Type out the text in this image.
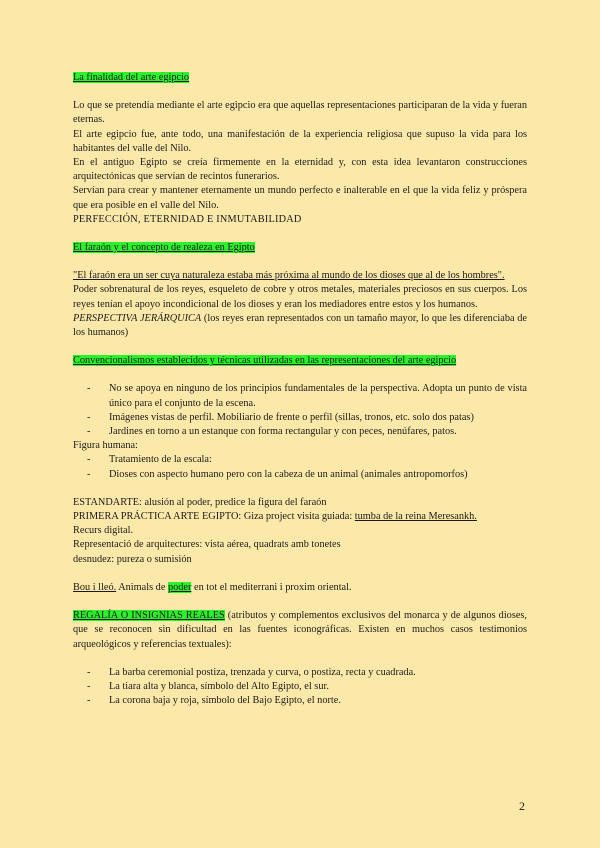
La finalidad del arte egipcio

Lo que se pretendía mediante el arte egipcio era que aquellas representaciones participaran de la vida y fueran eternas.

El arte egipcio fue, ante todo, una manifestación de la experiencia religiosa que supuso la vida para los habitantes del valle del Nilo.

En el antiguo Egipto se creía firmemente en la eternidad y, con esta idea levantaron construcciones arquitectónicas que servían de recintos funerarios.

Servían para crear y mantener eternamente un mundo perfecto e inalterable en el que la vida feliz y próspera que era posible en el valle del Nilo.

PERFECCIÓN, ETERNIDAD E INMUTABILIDAD

El faraón y el concepto de realeza en Egipto

"El faraón era un ser cuya naturaleza estaba más próxima al mundo de los dioses que al de los hombres".

Poder sobrenatural de los reyes, esqueleto de cobre y otros metales, materiales preciosos en sus cuerpos. Los reyes tenían el apoyo incondicional de los dioses y eran los mediadores entre estos y los humanos.

PERSPECTIVA JERÁRQUICA (los reyes eran representados con un tamaño mayor, lo que les diferenciaba de los humanos)

Convencionalismos establecidos y técnicas utilizadas en las representaciones del arte egipcio

- No se apoya en ninguno de los principios fundamentales de la perspectiva. Adopta un punto de vista único para el conjunto de la escena.
- Imágenes vistas de perfil. Mobiliario de frente o perfil (sillas, tronos, etc. solo dos patas)
- Jardines en torno a un estanque con forma rectangular y con peces, nenúfares, patos.

Figura humana:

- Tratamiento de la escala:
- Dioses con aspecto humano pero con la cabeza de un animal (animales antropomorfos)

ESTANDARTE: alusión al poder, predice la figura del faraón

PRIMERA PRÁCTICA ARTE EGIPTO: Giza project visita guiada: tumba de la reina Meresankh.

Recurs digital.

Representació de arquitectures: vista aérea, quadrats amb tonetes

desnudez: pureza o sumisión

Bou i lleó. Animals de poder en tot el mediterrani i proxim oriental.

REGALÍA O INSIGNIAS REALES (atributos y complementos exclusivos del monarca y de algunos dioses, que se reconocen sin dificultad en las fuentes iconográficas. Existen en muchos casos testimonios arqueológicos y referencias textuales):

- La barba ceremonial postiza, trenzada y curva, o postiza, recta y cuadrada.
- La tiara alta y blanca, símbolo del Alto Egipto, el sur.
- La corona baja y roja, símbolo del Bajo Egipto, el norte.
2
